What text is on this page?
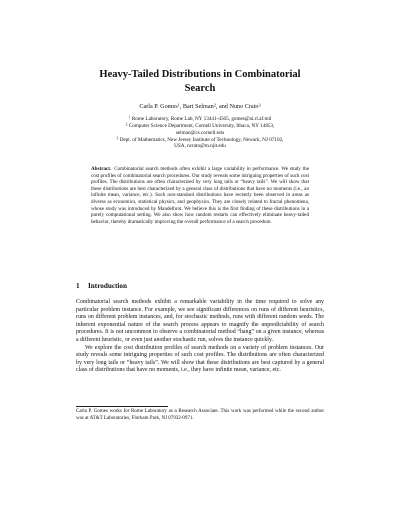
Heavy-Tailed Distributions in Combinatorial
Search
Carla P. Gomes$^1$, Bart Selman$^2$, and Nuno Crato$^3$
$^1$ Rome Laboratory, Rome Lab, NY 13441-4505, gomes@ai.rl.af.mil
$^2$ Computer Science Department, Cornell University, Ithaca, NY 14853,
selman@cs.cornell.edu
$^3$ Dept. of Mathematics, New Jersey Institute of Technology, Newark, NJ 07102,
USA, ncrato@m.njit.edu
Abstract. Combinatorial search methods often exhibit a large variability in performance. We study the cost profiles of combinatorial search procedures. Our study reveals some intriguing properties of such cost profiles. The distributions are often characterized by very long tails or “heavy tails”. We will show that these distributions are best characterized by a general class of distributions that have no moments (i.e., an infinite mean, variance, etc.). Such non-standard distributions have recently been observed in areas as diverse as economics, statistical physics, and geophysics. They are closely related to fractal phenomena, whose study was introduced by Mandelbrot. We believe this is the first finding of these distributions in a purely computational setting. We also show how random restarts can effectively eliminate heavy-tailed behavior, thereby dramatically improving the overall performance of a search procedure.
1 Introduction

Combinatorial search methods exhibit a remarkable variability in the time required to solve any particular problem instance. For example, we see significant differences on runs of different heuristics, runs on different problem instances, and, for stochastic methods, runs with different random seeds. The inherent exponential nature of the search process appears to magnify the unpredictability of search procedures. It is not uncommon to observe a combinatorial method “hang” on a given instance, whereas a different heuristic, or even just another stochastic run, solves the instance quickly.

We explore the cost distribution profiles of search methods on a variety of problem instances. Our study reveals some intriguing properties of such cost profiles. The distributions are often characterized by very long tails or “heavy tails”. We will show that these distributions are best captured by a general class of distributions that have no moments, i.e., they have infinite mean, variance, etc.

Carla P. Gomes works for Rome Laboratory as a Research Associate. This work was performed while the second author was at AT&T Laboratories, Florham Park, NJ 07932-0971.
